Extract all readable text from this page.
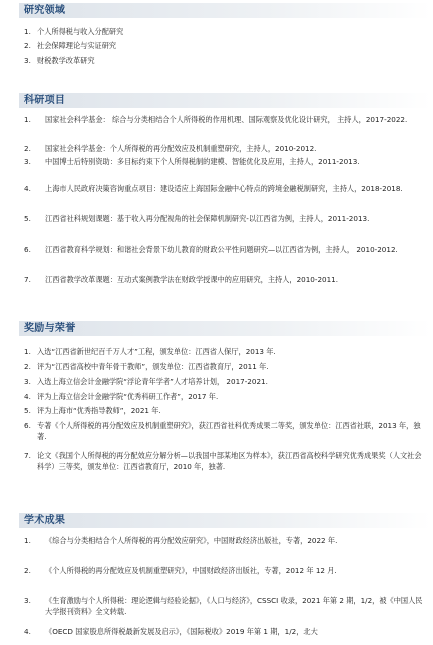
研究领域
1. 个人所得税与收入分配研究
2. 社会保障理论与实证研究
3. 财税教学改革研究
科研项目
1.	国家社会科学基金： 综合与分类相结合个人所得税的作用机理、国际观察及优化设计研究， 主持人，2017-2022.
2.	国家社会科学基金：个人所得税的再分配效应及机制重塑研究，主持人，2010-2012.
3.	中国博士后特别资助：多目标约束下个人所得税制的建模、智能优化及应用，主持人，2011-2013.
4.	上海市人民政府决策咨询重点项目：建设适应上海国际金融中心特点的跨境金融税制研究，主持人，2018-2018.
5.	江西省社科规划课题：基于收入再分配视角的社会保障机制研究-以江西省为例，主持人，2011-2013.
6.	江西省教育科学规划：和谐社会背景下幼儿教育的财政公平性问题研究—以江西省为例，主持人， 2010-2012.
7.	江西省教学改革课题：互动式案例教学法在财政学授课中的应用研究，主持人，2010-2011.
奖励与荣誉
1. 入选“江西省新世纪百千万人才”工程，颁发单位：江西省人保厅，2013 年.
2. 评为“江西省高校中青年骨干教师”，颁发单位：江西省教育厅，2011 年.
3. 入选上海立信会计金融学院“浮论青年学者”人才培养计划， 2017-2021.
4. 评为上海立信会计金融学院“优秀科研工作者”，2017 年.
5. 评为上海市“优秀指导教师”，2021 年.
6. 专著《个人所得税的再分配效应及机制重塑研究》，获江西省社科优秀成果二等奖，颁发单位：江西省社联，2013 年，独著.
7. 论文《我国个人所得税的再分配效应分解分析—以我国中部某地区为样本》，获江西省高校科学研究优秀成果奖（人文社会科学）三等奖，颁发单位：江西省教育厅，2010 年，独著.
学术成果
1.	《综合与分类相结合个人所得税的再分配效应研究》，中国财政经济出版社，专著，2022 年.
2.	《个人所得税的再分配效应及机制重塑研究》，中国财政经济出版社，专著，2012 年 12 月.
3.	《生育激励与个人所得税：理论逻辑与经验论据》，《人口与经济》，CSSCI 收录，2021 年第 2 期，1/2，被《中国人民大学报刊资料》全文转载.
4.	《OECD 国家股息所得税最新发展及启示》，《国际税收》2019 年第 1 期，1/2，北大
